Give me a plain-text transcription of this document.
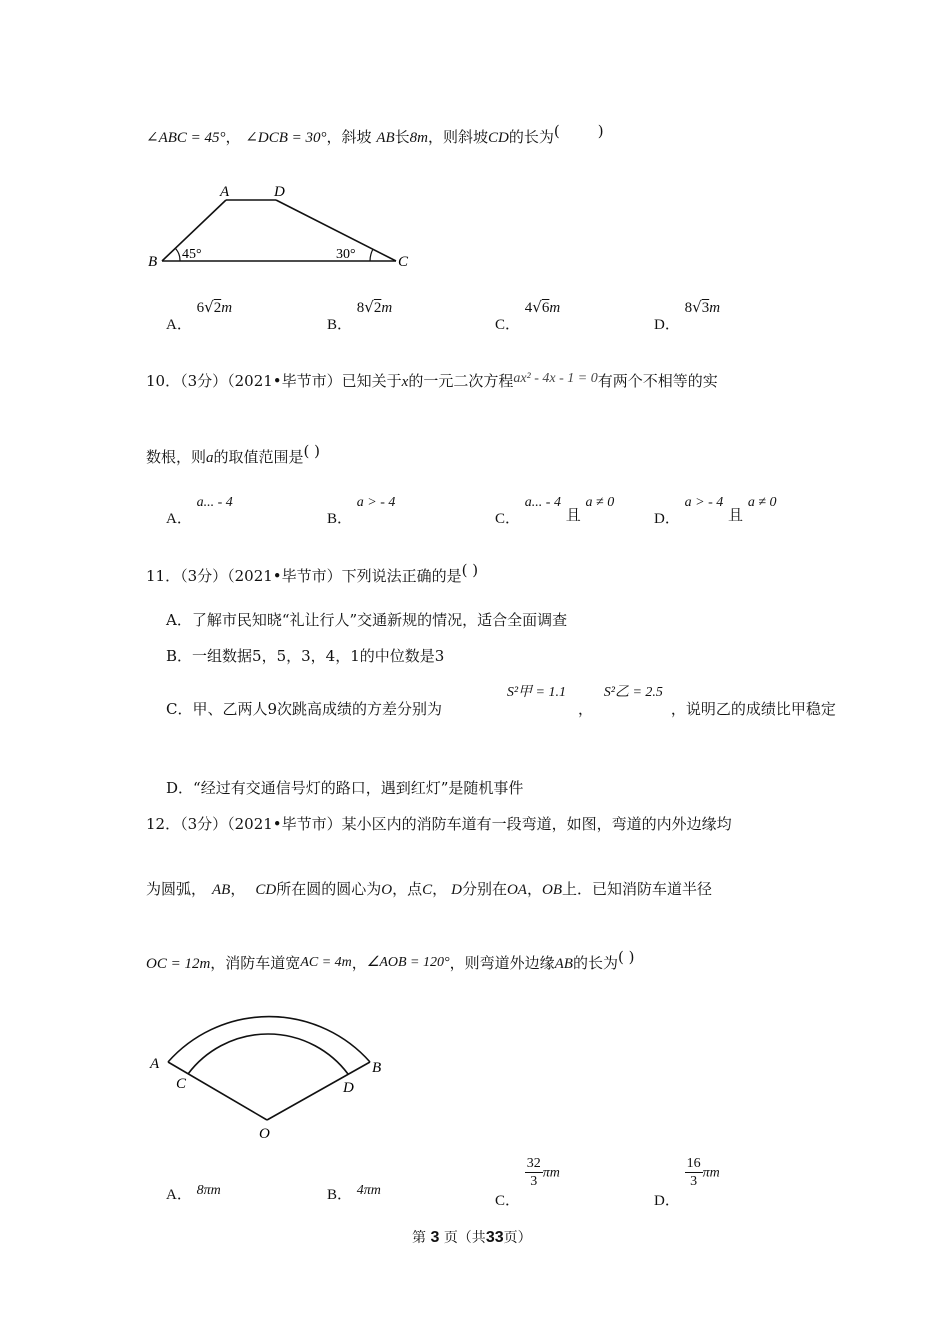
∠ABC = 45°， ∠DCB = 30°，斜坡 AB长8m，则斜坡CD的长为(	)
A	D
B	C
45°	30°
A． 6√2m
B． 8√2m
C． 4√6m
D． 8√3m
10．（3分）（2021•毕节市）已知关于x的一元二次方程ax² - 4x - 1 = 0有两个不相等的实
数根，则a的取值范围是( )
A． a... - 4
B． a > - 4
C． a... - 4 且 a ≠ 0
D． a > - 4 且 a ≠ 0
11．（3分）（2021•毕节市）下列说法正确的是( )
A．了解市民知晓“礼让行人”交通新规的情况，适合全面调查
B．一组数据5，5，3，4，1的中位数是3
C．甲、乙两人9次跳高成绩的方差分别为 S²甲 = 1.1， S²乙 = 2.5，说明乙的成绩比甲稳定
D．“经过有交通信号灯的路口，遇到红灯”是随机事件
12．（3分）（2021•毕节市）某小区内的消防车道有一段弯道，如图，弯道的内外边缘均
为圆弧， AB， CD所在圆的圆心为O，点C， D分别在OA，OB上．已知消防车道半径
OC = 12m，消防车道宽AC = 4m，∠AOB = 120°，则弯道外边缘AB的长为( )
A
C	D
B
O
A． 8πm	B． 4πm
C．
$\frac{32}{3}$ πm
D．
$\frac{16}{3}$ πm
第 3 页（共33页）
